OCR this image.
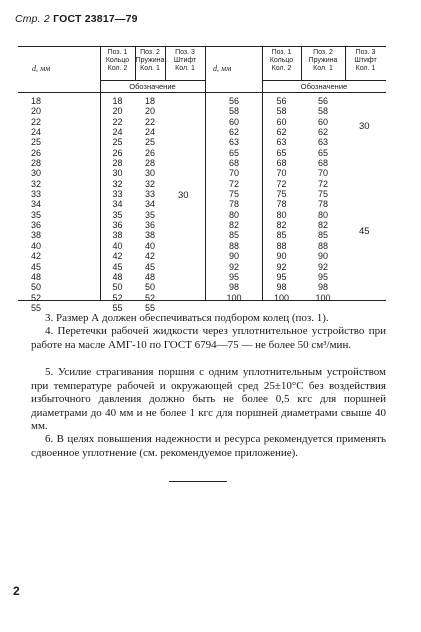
Стр. 2 ГОСТ 23817—79
d, мм
Поз. 1
Кольцо
Кол. 2
Поз. 2
Пружина
Кол. 1
Поз. 3
Штифт
Кол. 1
Обозначение
d, мм
Поз. 1
Кольцо
Кол. 2
Поз. 2
Пружина
Кол. 1
Поз. 3
Штифт
Кол. 1
Обозначение
18
20
22
24
25
26
28
30
32
33
34
35
36
38
40
42
45
48
50
52
55
18
20
22
24
25
26
28
30
32
33
34
35
36
38
40
42
45
48
50
52
55
18
20
22
24
25
26
28
30
32
33
34
35
36
38
40
42
45
48
50
52
55
30
56
58
60
62
63
65
68
70
72
75
78
80
82
85
88
90
92
95
98
100
56
58
60
62
63
65
68
70
72
75
78
80
82
85
88
90
92
95
98
100
56
58
60
62
63
65
68
70
72
75
78
80
82
85
88
90
92
95
98
100
30
45
3. Размер А должен обеспечиваться подбором колец (поз. 1).
4. Перетечки рабочей жидкости через уплотнительное устройство при работе на масле АМГ-10 по ГОСТ 6794—75 — не более 50 см³/мин.
5. Усилие страгивания поршня с одним уплотнительным устройством при температуре рабочей и окружающей сред 25±10°C без воздействия избыточного давления должно быть не более 0,5 кгс для поршней диаметрами до 40 мм и не более 1 кгс для поршней диаметрами свыше 40 мм.
6. В целях повышения надежности и ресурса рекомендуется применять сдвоенное уплотнение (см. рекомендуемое приложение).
2
